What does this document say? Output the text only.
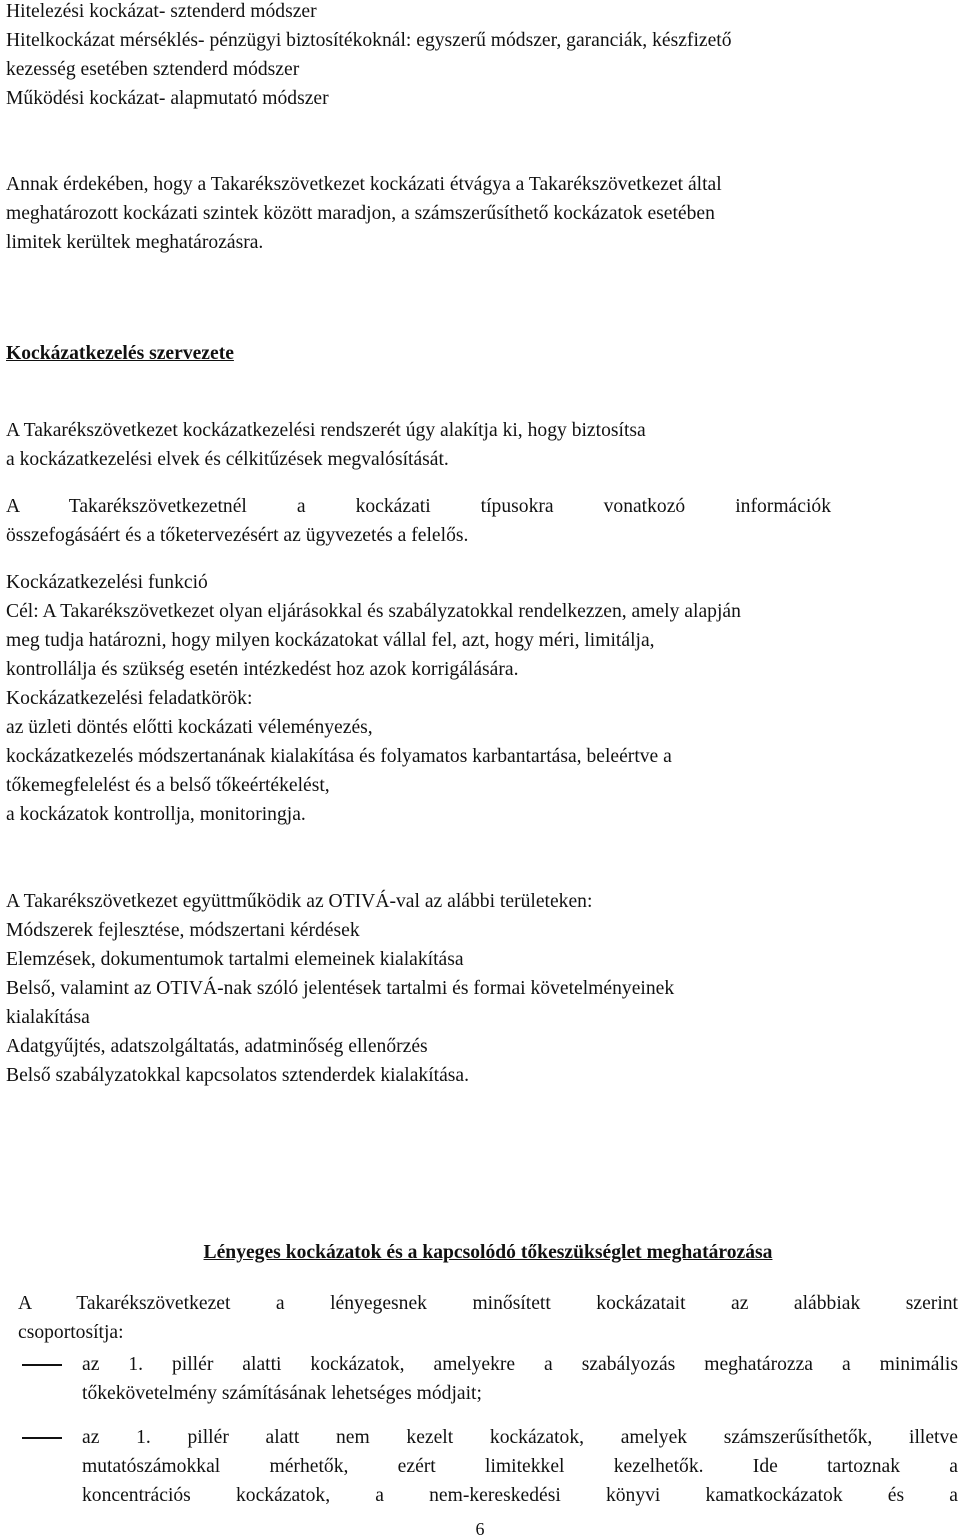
Hitelezési kockázat- sztenderd módszer
Hitelkockázat mérséklés- pénzügyi biztosítékoknál: egyszerű módszer, garanciák, készfizető
kezesség esetében sztenderd módszer
Működési kockázat- alapmutató módszer
Annak érdekében, hogy a Takarékszövetkezet kockázati étvágya a Takarékszövetkezet által
meghatározott kockázati szintek között maradjon, a számszerűsíthető kockázatok esetében
limitek kerültek meghatározásra.
Kockázatkezelés szervezete
A Takarékszövetkezet kockázatkezelési rendszerét úgy alakítja ki, hogy biztosítsa
a kockázatkezelési elvek és célkitűzések megvalósítását.
A Takarékszövetkezetnél a kockázati típusokra vonatkozó információk
összefogásáért és a tőketervezésért az ügyvezetés a felelős.
Kockázatkezelési funkció
Cél: A Takarékszövetkezet olyan eljárásokkal és szabályzatokkal rendelkezzen, amely alapján
meg tudja határozni, hogy milyen kockázatokat vállal fel, azt, hogy méri, limitálja,
kontrollálja és szükség esetén intézkedést hoz azok korrigálására.
Kockázatkezelési feladatkörök:
az üzleti döntés előtti kockázati véleményezés,
kockázatkezelés módszertanának kialakítása és folyamatos karbantartása, beleértve a
tőkemegfelelést és a belső tőkeértékelést,
a kockázatok kontrollja, monitoringja.
A Takarékszövetkezet együttműködik az OTIVÁ-val az alábbi területeken:
Módszerek fejlesztése, módszertani kérdések
Elemzések, dokumentumok tartalmi elemeinek kialakítása
Belső, valamint az OTIVÁ-nak szóló jelentések tartalmi és formai követelményeinek
kialakítása
Adatgyűjtés, adatszolgáltatás, adatminőség ellenőrzés
Belső szabályzatokkal kapcsolatos sztenderdek kialakítása.
Lényeges kockázatok és a kapcsolódó tőkeszükséglet meghatározása
A Takarékszövetkezet a lényegesnek minősített kockázatait az alábbiak szerint
csoportosítja:
az 1. pillér alatti kockázatok, amelyekre a szabályozás meghatározza a minimális
tőkekövetelmény számításának lehetséges módjait;
az 1. pillér alatt nem kezelt kockázatok, amelyek számszerűsíthetők, illetve
mutatószámokkal mérhetők, ezért limitekkel kezelhetők. Ide tartoznak a
koncentrációs kockázatok, a nem-kereskedési könyvi kamatkockázatok és a
6
